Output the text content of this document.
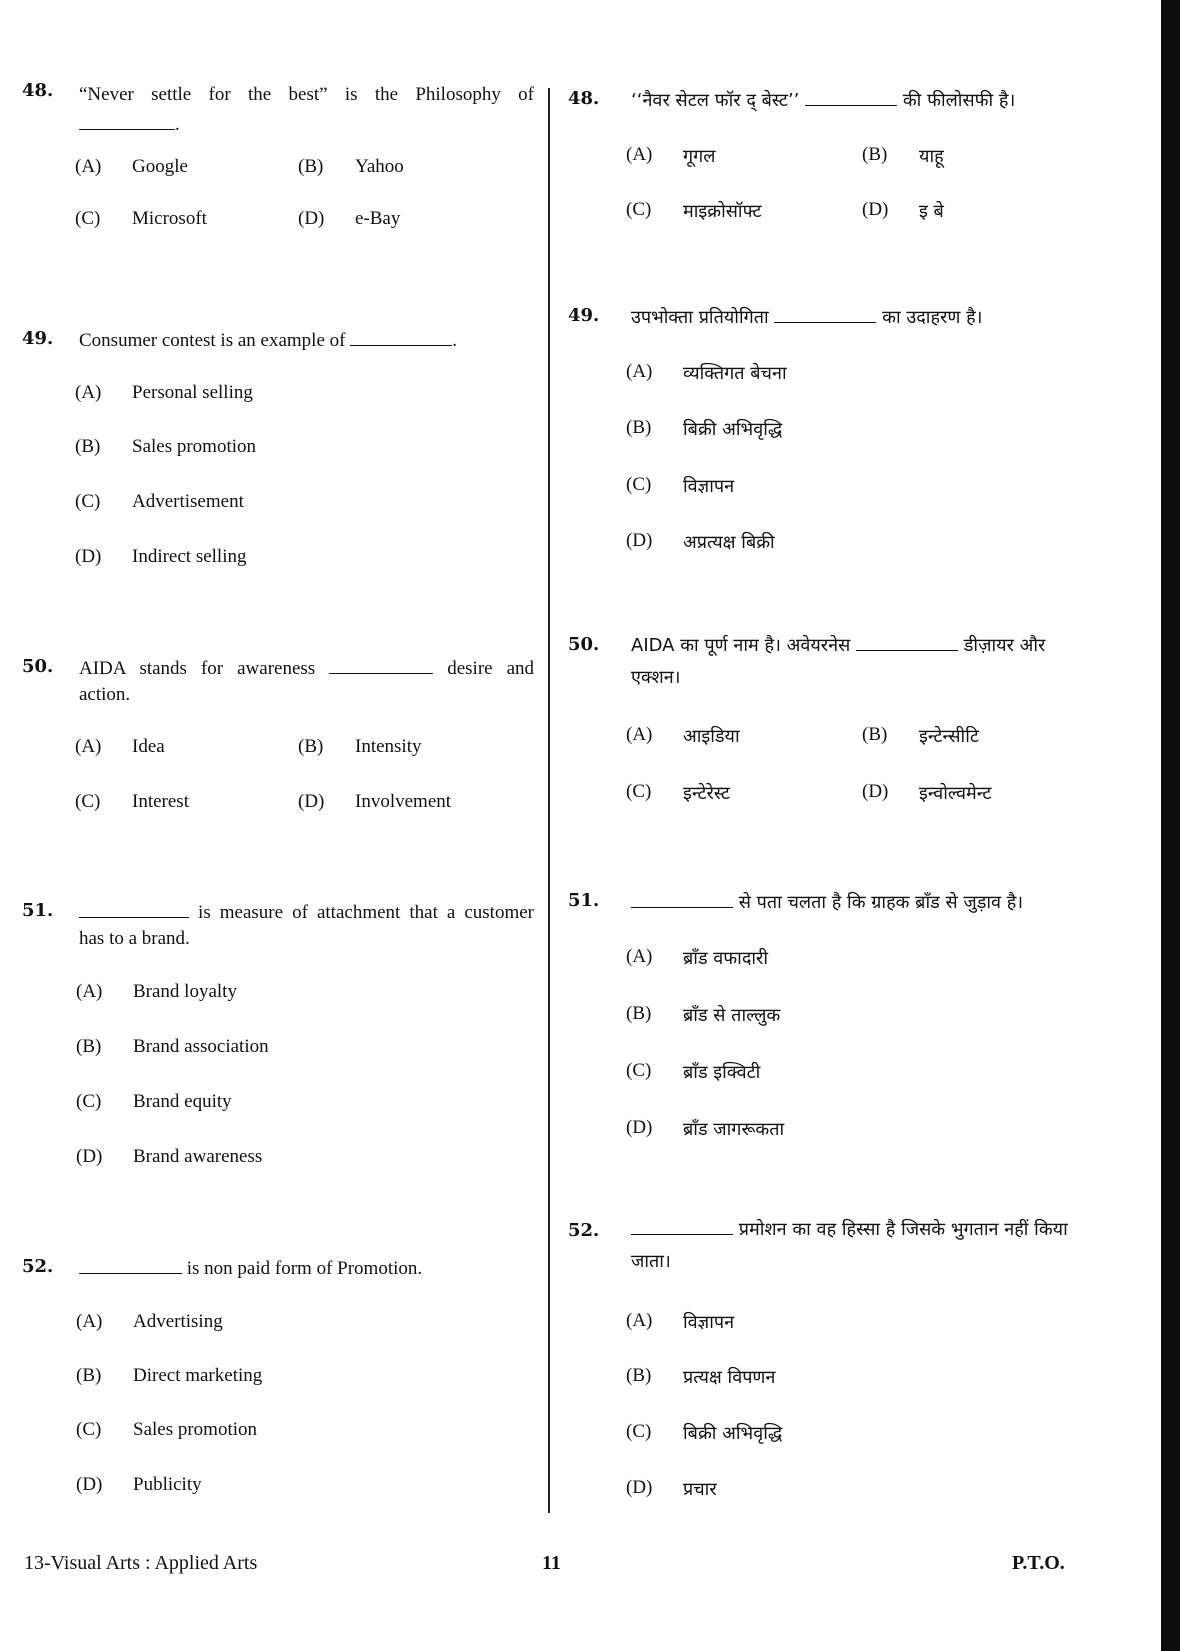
48. “Never settle for the best” is the Philosophy of .
(A) Google	(B) Yahoo
(C) Microsoft	(D) e-Bay
49. Consumer contest is an example of	.
(A) Personal selling
(B) Sales promotion
(C) Advertisement
(D) Indirect selling
50. AIDA stands for awareness	desire and action.
(A) Idea	(B) Intensity
(C) Interest	(D) Involvement
51.	is measure of attachment that a customer has to a brand.
(A) Brand loyalty
(B) Brand association
(C) Brand equity
(D) Brand awareness
52.	is non paid form of Promotion.
(A) Advertising
(B) Direct marketing
(C) Sales promotion
(D) Publicity
48. ‘‘नैवर सेटल फॉर द् बेस्ट’’	की फीलोसफी है।
(A) गूगल	(B) याहू
(C) माइक्रोसॉफ्ट	(D) इ बे
49. उपभोक्ता प्रतियोगिता	का उदाहरण है।
(A) व्यक्तिगत बेचना
(B) बिक्री अभिवृद्धि
(C) विज्ञापन
(D) अप्रत्यक्ष बिक्री
50. AIDA का पूर्ण नाम है। अवेयरनेस	डीज़ायर और एक्शन।
(A) आइडिया	(B) इन्टेन्सीटि
(C) इन्टेरेस्ट	(D) इन्वोल्वमेन्ट
51.	से पता चलता है कि ग्राहक ब्रॉंड से जुड़ाव है।
(A) ब्रॉंड वफादारी
(B) ब्रॉंड से ताल्लुक
(C) ब्रॉंड इक्विटी
(D) ब्रॉंड जागरूकता
52.	प्रमोशन का वह हिस्सा है जिसके भुगतान नहीं किया जाता।
(A) विज्ञापन
(B) प्रत्यक्ष विपणन
(C) बिक्री अभिवृद्धि
(D) प्रचार
13-Visual Arts : Applied Arts	11	P.T.O.
